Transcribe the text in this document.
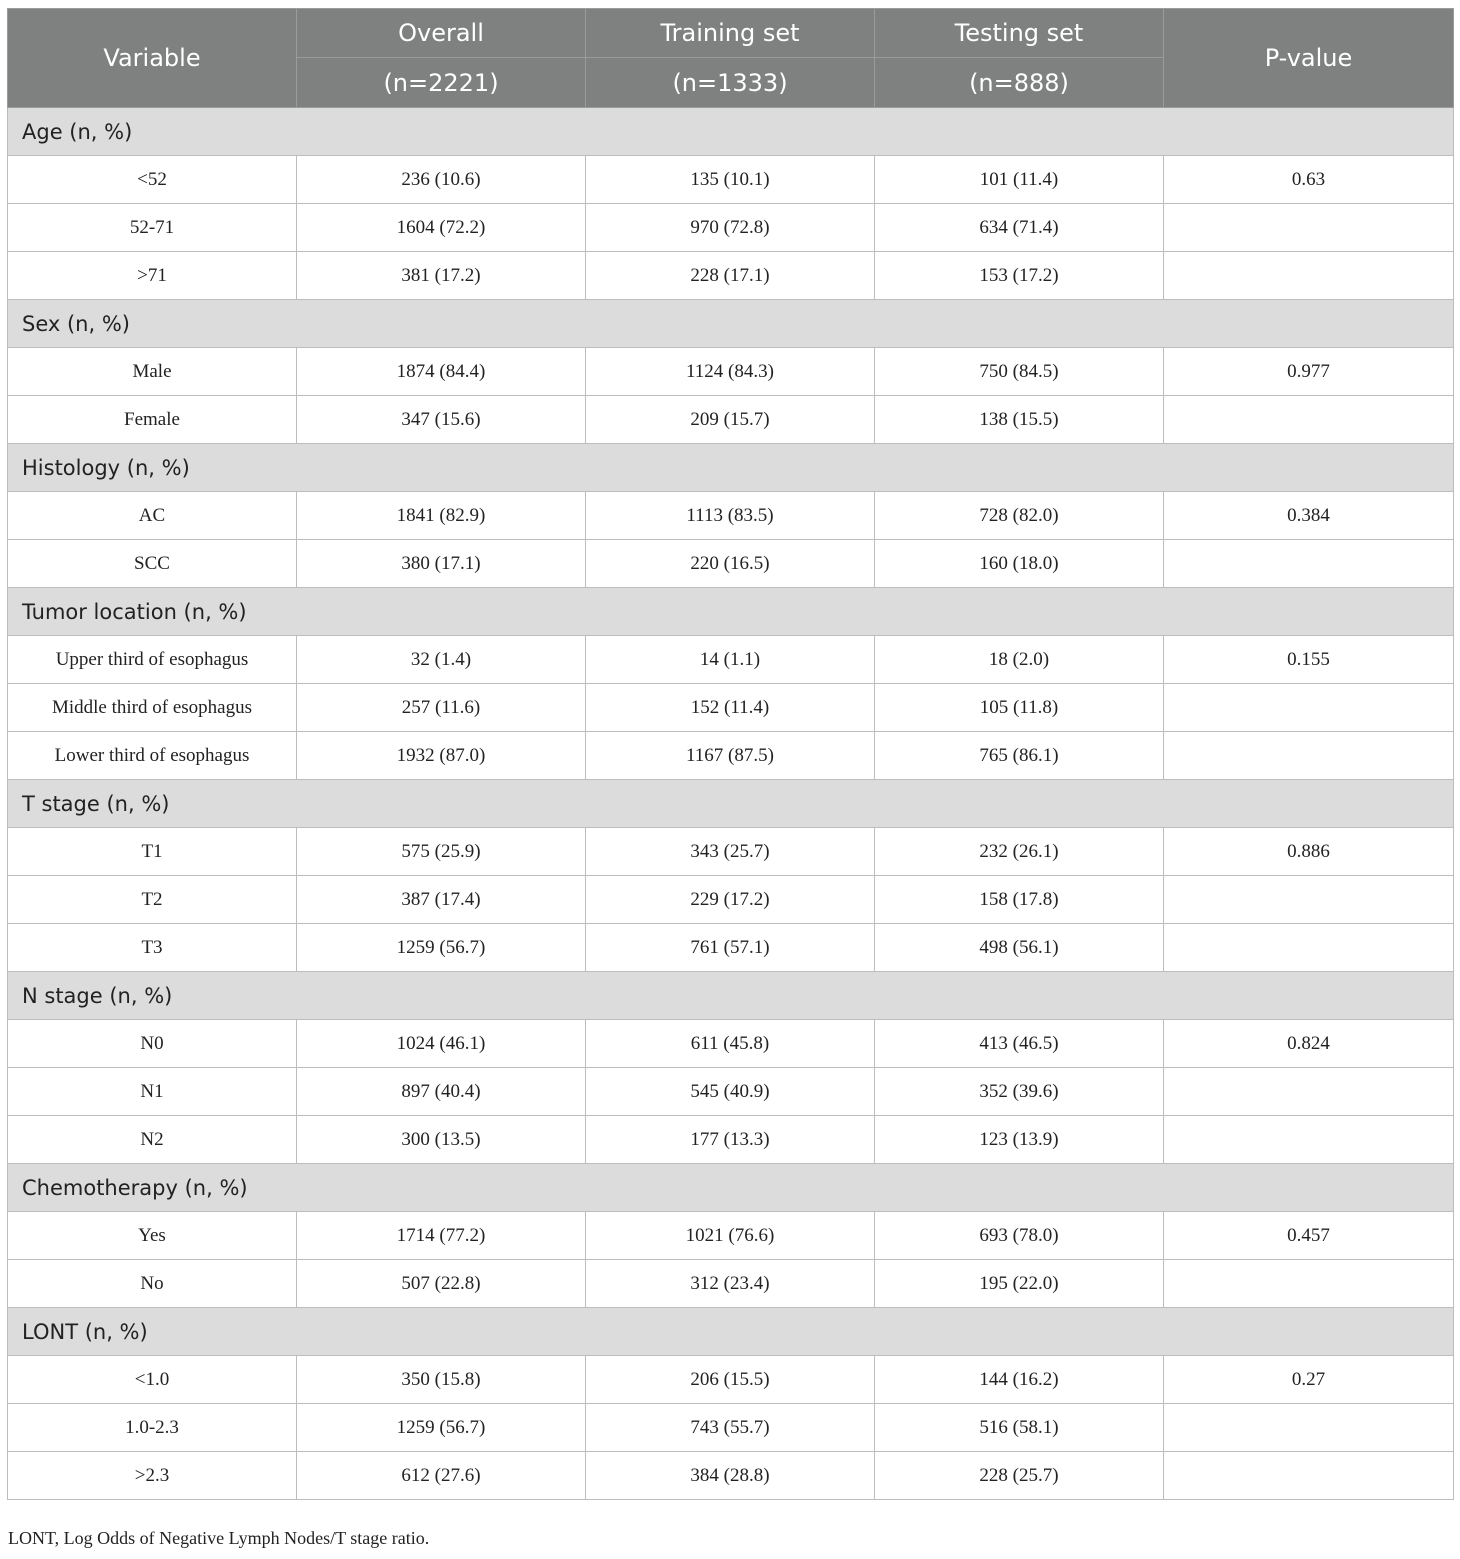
Variable	Overall	Training set	Testing set	P-value
	(n=2221)	(n=1333)	(n=888)	
Age (n, %)				
<52	236 (10.6)	135 (10.1)	101 (11.4)	0.63
52-71	1604 (72.2)	970 (72.8)	634 (71.4)	
>71	381 (17.2)	228 (17.1)	153 (17.2)	
Sex (n, %)				
Male	1874 (84.4)	1124 (84.3)	750 (84.5)	0.977
Female	347 (15.6)	209 (15.7)	138 (15.5)	
Histology (n, %)				
AC	1841 (82.9)	1113 (83.5)	728 (82.0)	0.384
SCC	380 (17.1)	220 (16.5)	160 (18.0)	
Tumor location (n, %)				
Upper third of esophagus	32 (1.4)	14 (1.1)	18 (2.0)	0.155
Middle third of esophagus	257 (11.6)	152 (11.4)	105 (11.8)	
Lower third of esophagus	1932 (87.0)	1167 (87.5)	765 (86.1)	
T stage (n, %)				
T1	575 (25.9)	343 (25.7)	232 (26.1)	0.886
T2	387 (17.4)	229 (17.2)	158 (17.8)	
T3	1259 (56.7)	761 (57.1)	498 (56.1)	
N stage (n, %)				
N0	1024 (46.1)	611 (45.8)	413 (46.5)	0.824
N1	897 (40.4)	545 (40.9)	352 (39.6)	
N2	300 (13.5)	177 (13.3)	123 (13.9)	
Chemotherapy (n, %)				
Yes	1714 (77.2)	1021 (76.6)	693 (78.0)	0.457
No	507 (22.8)	312 (23.4)	195 (22.0)	
LONT (n, %)				
<1.0	350 (15.8)	206 (15.5)	144 (16.2)	0.27
1.0-2.3	1259 (56.7)	743 (55.7)	516 (58.1)	
>2.3	612 (27.6)	384 (28.8)	228 (25.7)	
LONT, Log Odds of Negative Lymph Nodes/T stage ratio.
